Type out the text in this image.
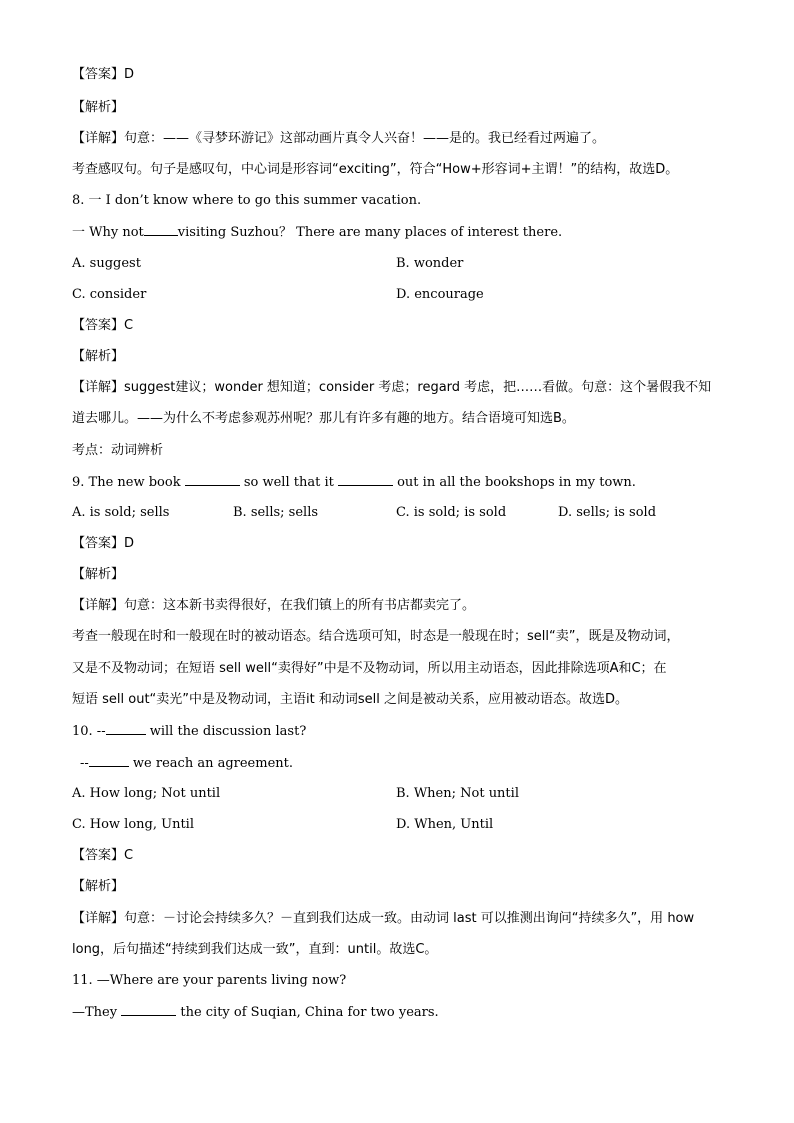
【答案】D
【解析】
【详解】句意：——《寻梦环游记》这部动画片真令人兴奋！——是的。我已经看过两遍了。
考查感叹句。句子是感叹句，中心词是形容词“exciting”，符合“How+形容词+主谓！”的结构，故选D。
8. 一 I don’t know where to go this summer vacation.
一 Why not	visiting Suzhou？ There are many places of interest there.
A. suggest	B. wonder
C. consider	D. encourage
【答案】C
【解析】
【详解】suggest建议；wonder 想知道；consider 考虑；regard 考虑，把……看做。句意：这个暑假我不知
道去哪儿。——为什么不考虑参观苏州呢？那儿有许多有趣的地方。结合语境可知选B。
考点：动词辨析
9. The new book	so well that it	out in all the bookshops in my town.
A. is sold; sells	B. sells; sells	C. is sold; is sold	D. sells; is sold
【答案】D
【解析】
【详解】句意：这本新书卖得很好，在我们镇上的所有书店都卖完了。
考查一般现在时和一般现在时的被动语态。结合选项可知，时态是一般现在时；sell“卖”，既是及物动词，
又是不及物动词；在短语 sell well“卖得好”中是不及物动词，所以用主动语态，因此排除选项A和C；在
短语 sell out“卖光”中是及物动词，主语it 和动词sell 之间是被动关系，应用被动语态。故选D。
10. --	will the discussion last?
--	we reach an agreement.
A. How long; Not until	B. When; Not until
C. How long, Until	D. When, Until
【答案】C
【解析】
【详解】句意：－讨论会持续多久？－直到我们达成一致。由动词 last 可以推测出询问“持续多久”，用 how
long，后句描述“持续到我们达成一致”，直到：until。故选C。
11. —Where are your parents living now?
—They	the city of Suqian, China for two years.
